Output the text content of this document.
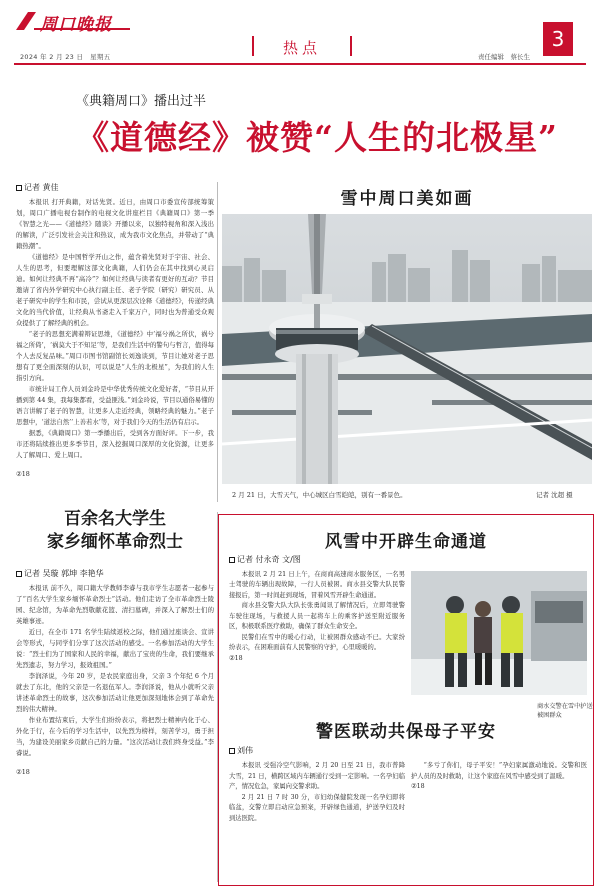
周口晚报
2024 年 2 月 23 日　星期五	热点	责任编辑　蔡长生
3
《典籍周口》播出过半
《道德经》被赞“人生的北极星”
记者 黄佳

本报讯 打开典籍，对话先贤。近日，由周口市委宣传部统筹策划，周口广播电视台制作的电视文化讲座栏目《典籍周口》第一季《智慧之光——《道德经》随谈》开播以来，以独特视角和深入浅出的解读，广泛引发社会关注和热议，成为我市文化焦点，并带动了“典籍热潮”。

《道德经》是中国哲学开山之作，蕴含着先贤对于宇宙、社会、人生的思考，但要理解这部文化典籍，人们仍会在其中找到心灵启迪。如何让经典不再“高冷”？如何让经典与读者有更好的互动？节目邀请了省内外学研究中心执行副主任、老子学院（研究）研究员、从老子研究中的学生和市民，尝试从更深层次诠释《道德经》，传递经典文化的当代价值，让经典从书斋走入千家万户，同时也为普通受众观众提供了了解经典的机会。

“老子的思想充满着辩证思维，《道德经》中‘福兮祸之所伏，祸兮福之所倚’，‘祸莫大于不知足’等，是我们生活中的警句与哲言，值得每个人去反复品味。”周口市图书馆副馆长刘逸谈到，节目让她对老子思想有了更全面深刻的认识，可以说是“人生的北极星”，为我们的人生指引方向。

市统计局工作人员刘金玲是中华优秀传统文化爱好者，“节目从开播到第 44 集，我每集都看，受益匪浅。”刘金玲说，节目以通俗易懂的语言讲解了老子的智慧，让更多人走近经典，领略经典的魅力。”老子思想中，‘道法自然’‘上善若水’等，对于我们今天的生活仍有启示。

据悉，《典籍周口》第一季播出后，受到各方面好评。下一步，我市还将陆续推出更多季节目，深入挖掘周口深厚的文化资源，让更多人了解周口、爱上周口。

②18
百余名大学生
家乡缅怀革命烈士
记者 吴璇 郭坤 李艳华

本报讯 前不久，周口籍大学教师李睿与我市学生志愿者一起参与了“百名大学生家乡缅怀革命烈士”活动。他们走访了全市革命烈士陵园、纪念馆，为革命先烈敬献花篮、清扫墓碑，并深入了解烈士们的英雄事迹。

近日，在全市 171 名学生陆续返校之际，他们通过座谈会、宣讲会等形式，与同学们分享了这次活动的感受。一名参加活动的大学生说：“烈士们为了国家和人民的幸福，献出了宝贵的生命，我们要继承先烈遗志，努力学习，报效祖国。”

李润泽说，今年 20 岁，是农民家庭出身，父亲 3 个年纪 6 个月就去了东北，他的父亲是一名退伍军人。李润泽说，他从小就听父亲讲述革命烈士的故事，这次参加活动让他更加深刻地体会到了革命先烈的伟大精神。

作业布置结束后，大学生们纷纷表示，将把烈士精神内化于心、外化于行，在今后的学习生活中，以先烈为榜样，刻苦学习，勇于担当，为建设美丽家乡贡献自己的力量。“这次活动让我们终身受益。”李睿说。

②18
雪中周口美如画
2 月 21 日，大雪天气，中心城区白雪皑皑，别有一番景色。	记者 沈超 摄
风雪中开辟生命通道
记者 付永奇 文/图

本报讯 2 月 21 日上午，在商商高速商水服务区，一名男士驾驶的车辆出现故障，一行人员被困。商水县交警大队民警接报后，第一时间赶到现场，冒着风雪开辟生命通道。

商水县交警大队大队长张勇闻讯了解情况后，立即驾驶警车驶往现场，与救援人员一起将车上的乘客护送至附近服务区，积极联系医疗救助，确保了群众生命安全。

民警们在雪中的暖心行动，让被困群众感动不已。大家纷纷表示，在困难面前有人民警察的守护，心里暖暖的。

②18
商水交警在雪中护送被困群众
警医联动共保母子平安
刘伟

本报讯 受强冷空气影响，2 月 20 日至 21 日，我市普降大雪，21 日，横跨区域内车辆通行受到一定影响。一名孕妇临产，情况危急，家属向交警求助。

2 月 21 日 7 时 30 分，市妇幼保健院发现一名孕妇即将临盆，交警立即启动应急预案，开辟绿色通道，护送孕妇及时到达医院。

“多亏了你们，母子平安！”孕妇家属激动地说。交警和医护人员的及时救助，让这个家庭在风雪中感受到了温暖。

②18
